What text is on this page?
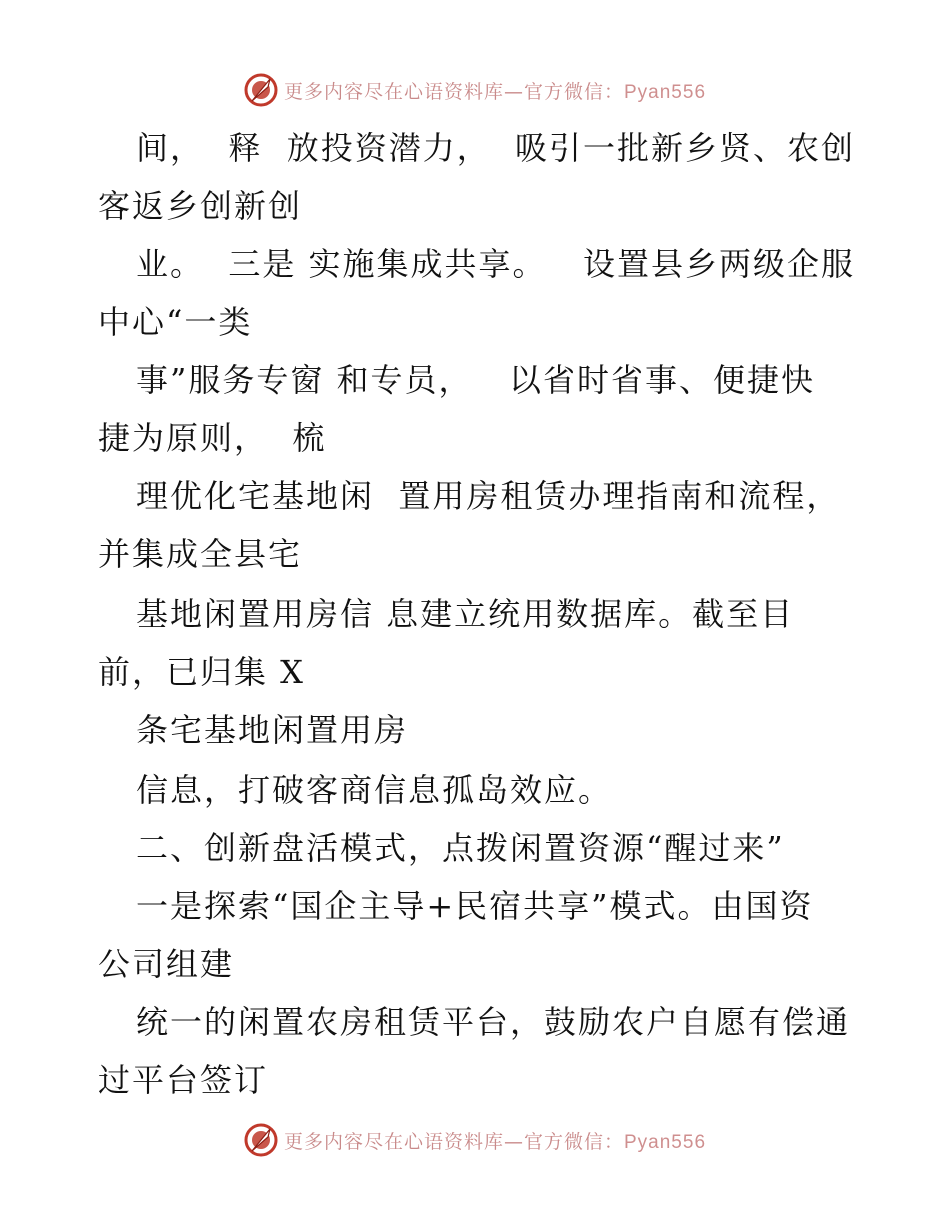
更多内容尽在心语资料库—官方微信：Pyan556
间，  释  放投资潜力，  吸引一批新乡贤、农创
客返乡创新创
业。  三是 实施集成共享。   设置县乡两级企服
中心“一类
事”服务专窗 和专员，   以省时省事、便捷快
捷为原则，  梳
理优化宅基地闲  置用房租赁办理指南和流程，
并集成全县宅
基地闲置用房信 息建立统用数据库。截至目
前，已归集 X
条宅基地闲置用房
信息，打破客商信息孤岛效应。
二、创新盘活模式，点拨闲置资源“醒过来”
一是探索“国企主导+民宿共享”模式。由国资
公司组建
统一的闲置农房租赁平台，鼓励农户自愿有偿通
过平台签订
更多内容尽在心语资料库—官方微信：Pyan556
